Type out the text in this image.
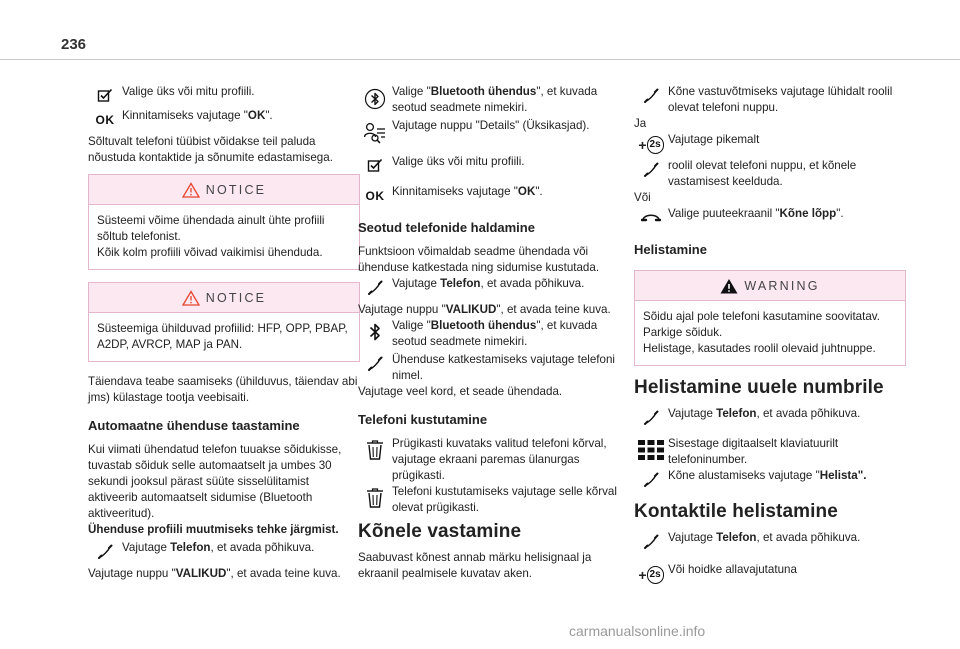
236
Valige üks või mitu profiili.
OK Kinnitamiseks vajutage "OK".

Sõltuvalt telefoni tüübist võidakse teil paluda nõustuda kontaktide ja sõnumite edastamisega.

NOTICE
Süsteemi võime ühendada ainult ühte profiili sõltub telefonist.
Kõik kolm profiili võivad vaikimisi ühenduda.
NOTICE
Süsteemiga ühilduvad profiilid: HFP, OPP, PBAP, A2DP, AVRCP, MAP ja PAN.

Täiendava teabe saamiseks (ühilduvus, täiendav abi jms) külastage tootja veebisaiti.

Automaatne ühenduse taastamine

Kui viimati ühendatud telefon tuuakse sõidukisse, tuvastab sõiduk selle automaatselt ja umbes 30 sekundi jooksul pärast süüte sisselülitamist aktiveerib automaatselt sidumise (Bluetooth aktiveeritud).

Ühenduse profiili muutmiseks tehke järgmist.

Vajutage Telefon, et avada põhikuva.

Vajutage nuppu "VALIKUD", et avada teine kuva.

Valige "Bluetooth ühendus", et kuvada seotud seadmete nimekiri.
Vajutage nuppu "Details" (Üksikasjad).
Valige üks või mitu profiili.
OK Kinnitamiseks vajutage "OK".
Seotud telefonide haldamine

Funktsioon võimaldab seadme ühendada või ühenduse katkestada ning sidumise kustutada.

Vajutage Telefon, et avada põhikuva.

Vajutage nuppu "VALIKUD", et avada teine kuva.

Valige "Bluetooth ühendus", et kuvada seotud seadmete nimekiri.
Ühenduse katkestamiseks vajutage telefoni nimel.

Vajutage veel kord, et seade ühendada.

Telefoni kustutamine
Prügikasti kuvataks valitud telefoni kõrval, vajutage ekraani paremas ülanurgas prügikasti.
Telefoni kustutamiseks vajutage selle kõrval olevat prügikasti.
Kõnele vastamine

Saabuvast kõnest annab märku helisignaal ja ekraanil pealmisele kuvatav aken.

Kõne vastuvõtmiseks vajutage lühidalt roolil olevat telefoni nuppu.
Ja
+ 2s Vajutage pikemalt
roolil olevat telefoni nuppu, et kõnele vastamisest keelduda.
Või
Valige puuteekraanil "Kõne lõpp".
Helistamine
WARNING
Sõidu ajal pole telefoni kasutamine soovitatav.
Parkige sõiduk.
Helistage, kasutades roolil olevaid juhtnuppe.
Helistamine uuele numbrile
Vajutage Telefon, et avada põhikuva.
Sisestage digitaalselt klaviatuurilt telefoninumber.
Kõne alustamiseks vajutage "Helista".
Kontaktile helistamine
Vajutage Telefon, et avada põhikuva.
+ 2s Või hoidke allavajutatuna
carmanualsonline.info
